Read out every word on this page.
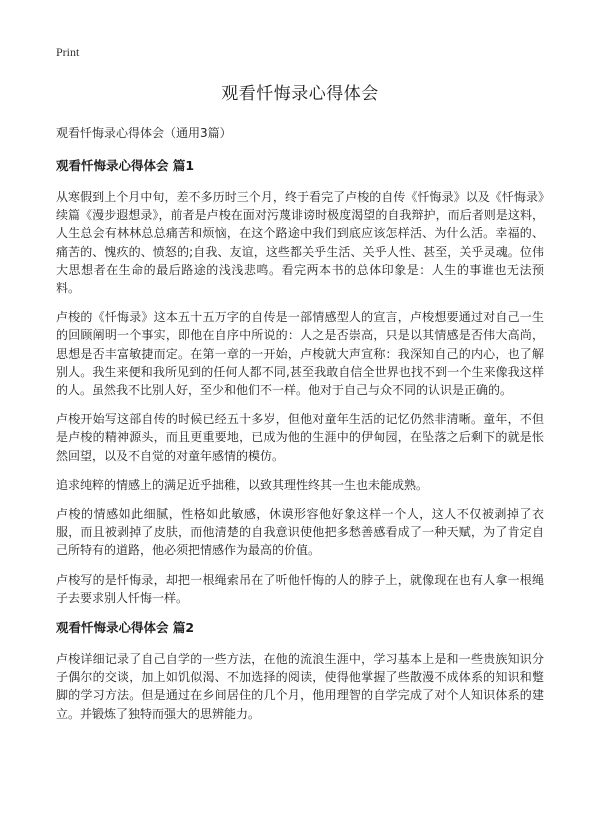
Print
观看忏悔录心得体会
观看忏悔录心得体会（通用3篇）
观看忏悔录心得体会 篇1

从寒假到上个月中旬，差不多历时三个月，终于看完了卢梭的自传《忏悔录》以及《忏悔录》续篇《漫步遐想录》，前者是卢梭在面对污蔑诽谤时极度渴望的自我辩护，而后者则是这料，人生总会有林林总总痛苦和烦恼，在这个路途中我们到底应该怎样活、为什么活。幸福的、痛苦的、愧疚的、愤怒的;自我、友谊，这些都关乎生活、关乎人性、甚至，关乎灵魂。位伟大思想者在生命的最后路途的浅浅悲鸣。看完两本书的总体印象是：人生的事谁也无法预料。

卢梭的《忏悔录》这本五十五万字的自传是一部情感型人的宣言，卢梭想要通过对自己一生的回顾阐明一个事实，即他在自序中所说的：人之是否崇高，只是以其情感是否伟大高尚，思想是否丰富敏捷而定。在第一章的一开始，卢梭就大声宣称：我深知自己的内心，也了解别人。我生来便和我所见到的任何人都不同,甚至我敢自信全世界也找不到一个生来像我这样的人。虽然我不比别人好，至少和他们不一样。他对于自己与众不同的认识是正确的。

卢梭开始写这部自传的时候已经五十多岁，但他对童年生活的记忆仍然非清晰。童年，不但是卢梭的精神源头，而且更重要地，已成为他的生涯中的伊甸园，在坠落之后剩下的就是怅然回望，以及不自觉的对童年感情的模仿。

追求纯粹的情感上的满足近乎拙稚，以致其理性终其一生也未能成熟。

卢梭的情感如此细腻，性格如此敏感，休谟形容他好象这样一个人，这人不仅被剥掉了衣服，而且被剥掉了皮肤，而他清楚的自我意识使他把多愁善感看成了一种天赋，为了肯定自己所特有的道路，他必须把情感作为最高的价值。

卢梭写的是忏悔录，却把一根绳索吊在了听他忏悔的人的脖子上，就像现在也有人拿一根绳子去要求别人忏悔一样。

观看忏悔录心得体会 篇2

卢梭详细记录了自己自学的一些方法，在他的流浪生涯中，学习基本上是和一些贵族知识分子偶尔的交谈，加上如饥似渴、不加选择的阅读，使得他掌握了些散漫不成体系的知识和蹩脚的学习方法。但是通过在乡间居住的几个月，他用理智的自学完成了对个人知识体系的建立。并锻炼了独特而强大的思辨能力。
